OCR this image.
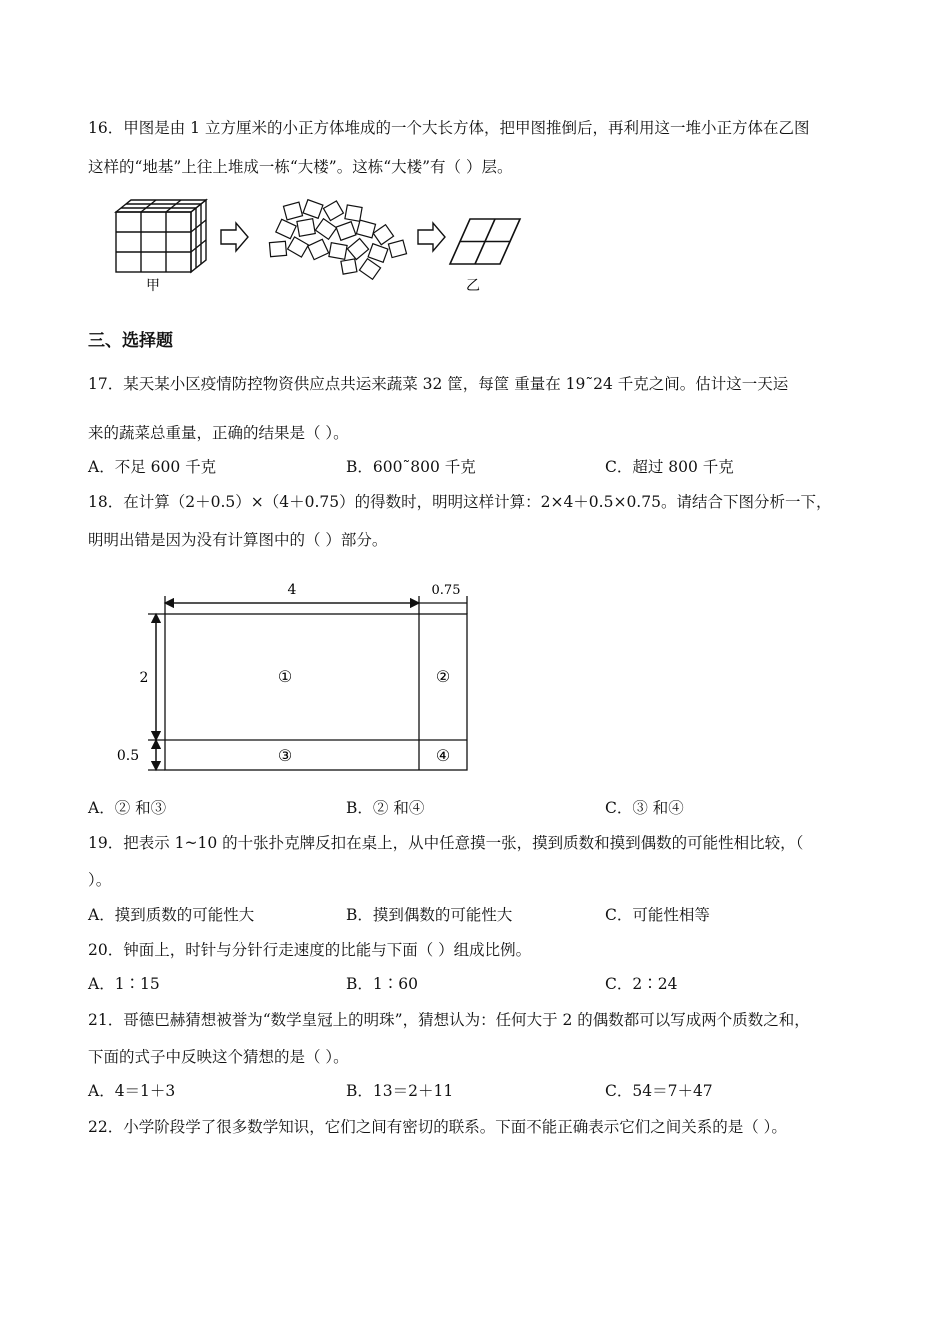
16．甲图是由 1 立方厘米的小正方体堆成的一个大长方体，把甲图推倒后，再利用这一堆小正方体在乙图
这样的“地基”上往上堆成一栋“大楼”。这栋“大楼”有（ ）层。
甲	乙
三、选择题
17．某天某小区疫情防控物资供应点共运来蔬菜 32 筐，每筐 重量在 19˜24 千克之间。估计这一天运
来的蔬菜总重量，正确的结果是（ ）。
A．不足 600 千克	B．600˜800 千克	C．超过 800 千克
18．在计算（2＋0.5）×（4＋0.75）的得数时，明明这样计算：2×4＋0.5×0.75。请结合下图分析一下，
明明出错是因为没有计算图中的（ ）部分。
4	0.75
2
0.5
①	②
③	④
A．② 和③	B．② 和④	C．③ 和④
19．把表示 1~10 的十张扑克牌反扣在桌上，从中任意摸一张，摸到质数和摸到偶数的可能性相比较，（
）。
A．摸到质数的可能性大	B．摸到偶数的可能性大	C．可能性相等
20．钟面上，时针与分针行走速度的比能与下面（ ）组成比例。
A．1∶15	B．1∶60	C．2∶24
21．哥德巴赫猜想被誉为“数学皇冠上的明珠”，猜想认为：任何大于 2 的偶数都可以写成两个质数之和，
下面的式子中反映这个猜想的是（ ）。
A．4＝1＋3	B．13＝2＋11	C．54＝7＋47
22．小学阶段学了很多数学知识，它们之间有密切的联系。下面不能正确表示它们之间关系的是（ ）。
